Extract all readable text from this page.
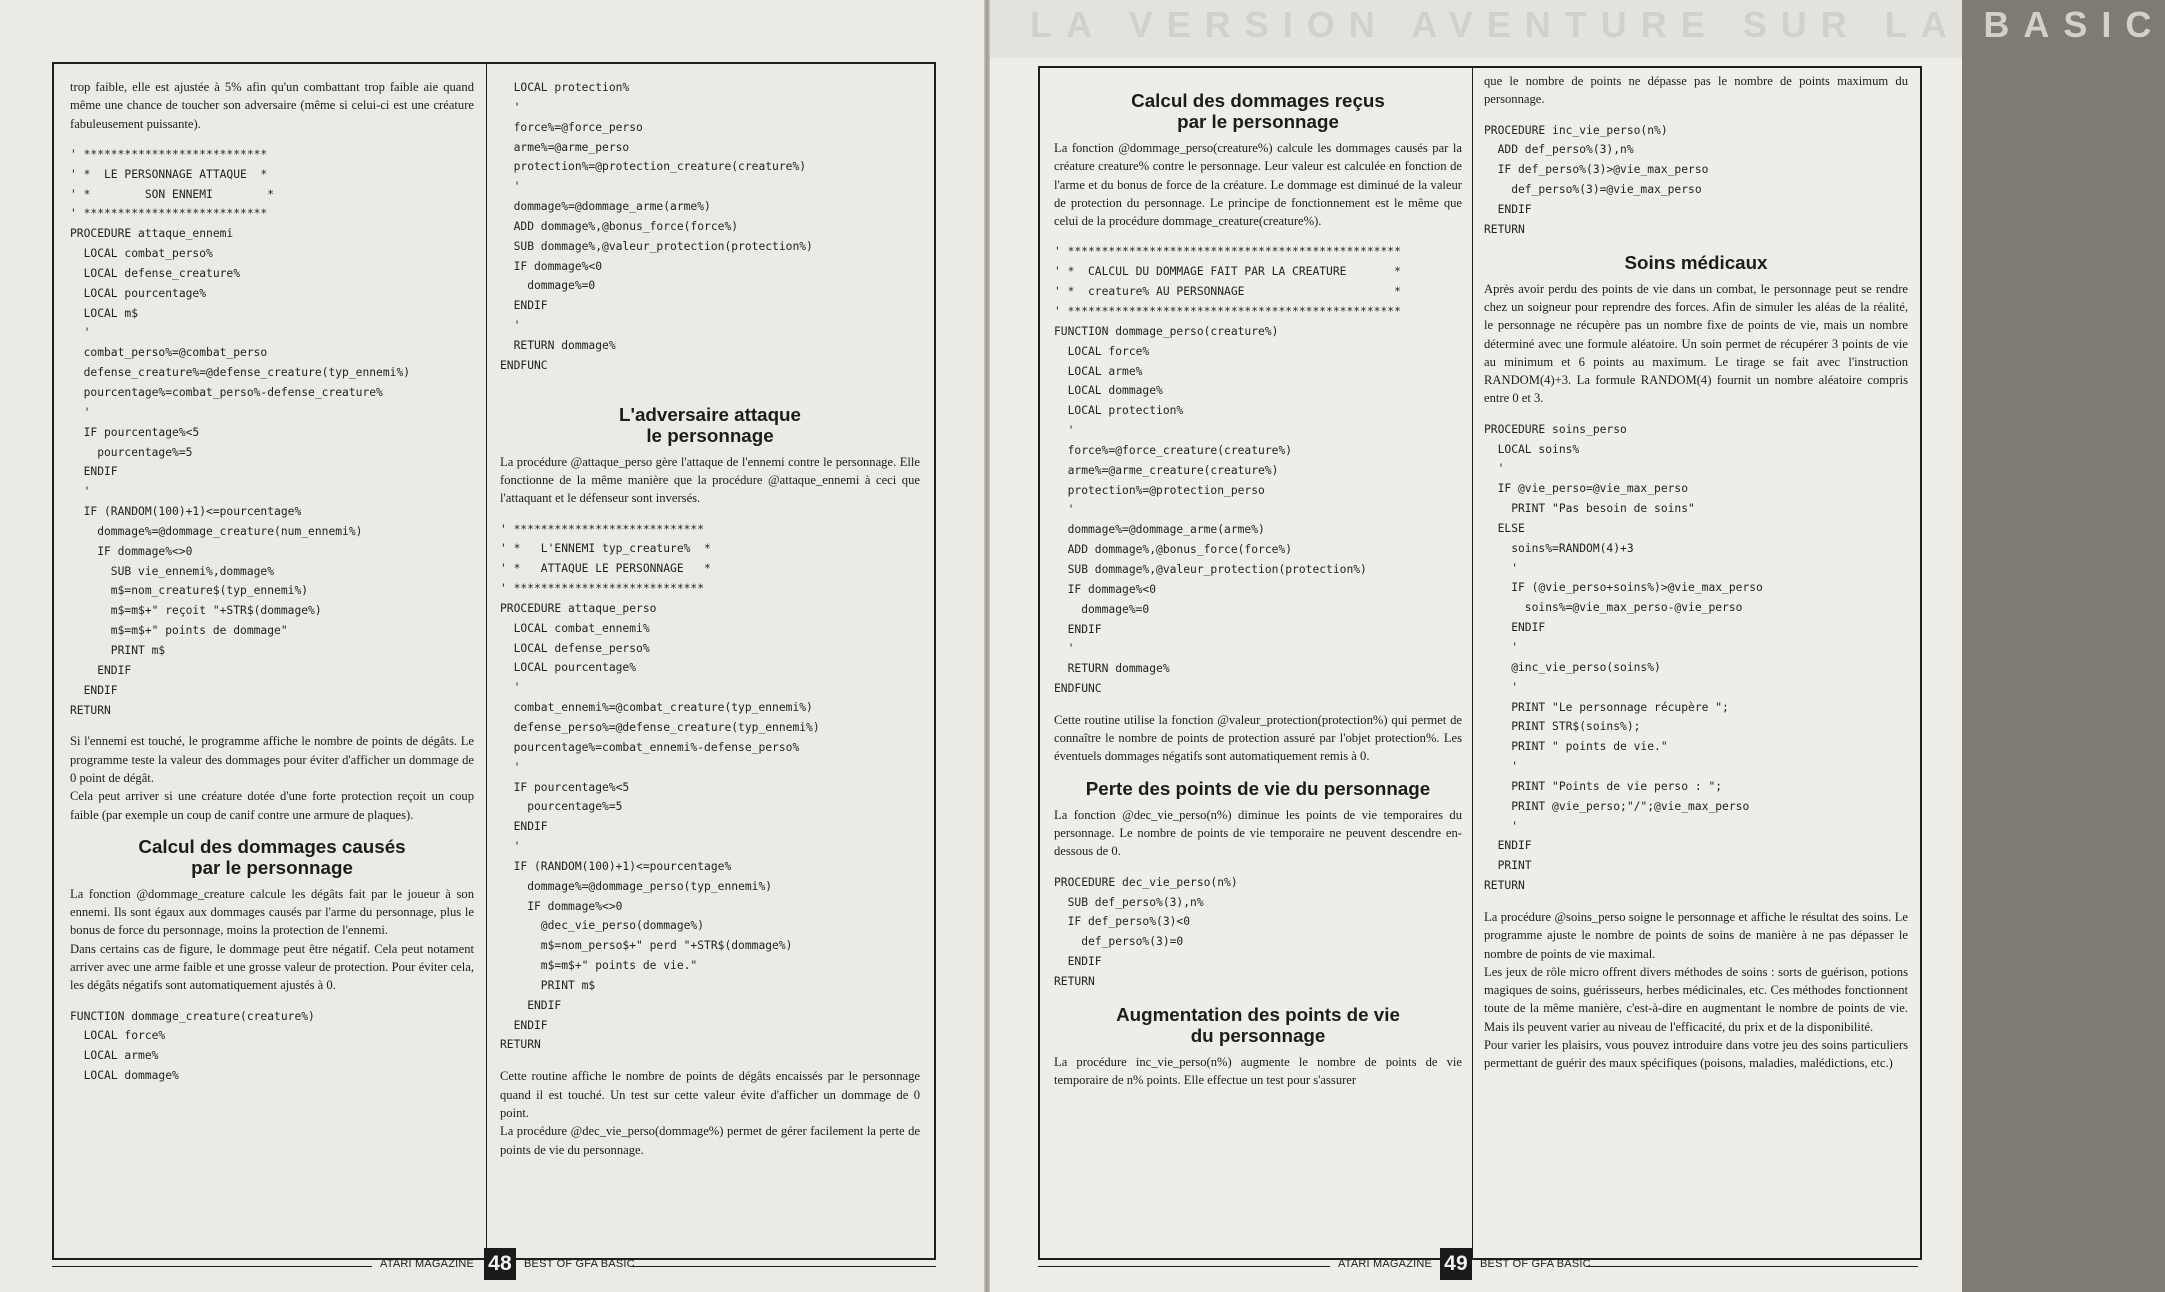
trop faible, elle est ajustée à 5% afin qu'un combattant trop faible aie quand même une chance de toucher son adversaire (même si celui-ci est une créature fabuleusement puissante).

' ***************************
' *  LE PERSONNAGE ATTAQUE  *
' *        SON ENNEMI        *
' ***************************
PROCEDURE attaque_ennemi
LOCAL combat_perso%
LOCAL defense_creature%
LOCAL pourcentage%
LOCAL m$
'
combat_perso%=@combat_perso
defense_creature%=@defense_creature(typ_ennemi%)
pourcentage%=combat_perso%-defense_creature%
'
IF pourcentage%<5
pourcentage%=5
ENDIF
'
IF (RANDOM(100)+1)<=pourcentage%
dommage%=@dommage_creature(num_ennemi%)
IF dommage%<>0
SUB vie_ennemi%,dommage%
m$=nom_creature$(typ_ennemi%)
m$=m$+" reçoit "+STR$(dommage%)
m$=m$+" points de dommage"
PRINT m$
ENDIF
ENDIF
RETURN

Si l'ennemi est touché, le programme affiche le nombre de points de dégâts. Le programme teste la valeur des dommages pour éviter d'afficher un dommage de 0 point de dégât.

Cela peut arriver si une créature dotée d'une forte protection reçoit un coup faible (par exemple un coup de canif contre une armure de plaques).

Calcul des dommages causés
par le personnage

La fonction @dommage_creature calcule les dégâts fait par le joueur à son ennemi. Ils sont égaux aux dommages causés par l'arme du personnage, plus le bonus de force du personnage, moins la protection de l'ennemi.

Dans certains cas de figure, le dommage peut être négatif. Cela peut notament arriver avec une arme faible et une grosse valeur de protection. Pour éviter cela, les dégâts négatifs sont automatiquement ajustés à 0.

FUNCTION dommage_creature(creature%)
LOCAL force%
LOCAL arme%
LOCAL dommage%
LOCAL protection%
'
force%=@force_perso
arme%=@arme_perso
protection%=@protection_creature(creature%)
'
dommage%=@dommage_arme(arme%)
ADD dommage%,@bonus_force(force%)
SUB dommage%,@valeur_protection(protection%)
IF dommage%<0
dommage%=0
ENDIF
'
RETURN dommage%
ENDFUNC
L'adversaire attaque
le personnage

La procédure @attaque_perso gère l'attaque de l'ennemi contre le personnage. Elle fonctionne de la même manière que la procédure @attaque_ennemi à ceci que l'attaquant et le défenseur sont inversés.

' ****************************
' *   L'ENNEMI typ_creature%  *
' *   ATTAQUE LE PERSONNAGE   *
' ****************************
PROCEDURE attaque_perso
LOCAL combat_ennemi%
LOCAL defense_perso%
LOCAL pourcentage%
'
combat_ennemi%=@combat_creature(typ_ennemi%)
defense_perso%=@defense_creature(typ_ennemi%)
pourcentage%=combat_ennemi%-defense_perso%
'
IF pourcentage%<5
pourcentage%=5
ENDIF
'
IF (RANDOM(100)+1)<=pourcentage%
dommage%=@dommage_perso(typ_ennemi%)
IF dommage%<>0
@dec_vie_perso(dommage%)
m$=nom_perso$+" perd "+STR$(dommage%)
m$=m$+" points de vie."
PRINT m$
ENDIF
ENDIF
RETURN

Cette routine affiche le nombre de points de dégâts encaissés par le personnage quand il est touché. Un test sur cette valeur évite d'afficher un dommage de 0 point.

La procédure @dec_vie_perso(dommage%) permet de gérer facilement la perte de points de vie du personnage.

ATARI MAGAZINE 48	BEST OF GFA BASIC
LA VERSION AVENTURE SUR LA BASIC
Calcul des dommages reçus
par le personnage

La fonction @dommage_perso(creature%) calcule les dommages causés par la créature creature% contre le personnage. Leur valeur est calculée en fonction de l'arme et du bonus de force de la créature. Le dommage est diminué de la valeur de protection du personnage. Le principe de fonctionnement est le même que celui de la procédure dommage_creature(creature%).

' *************************************************
' *  CALCUL DU DOMMAGE FAIT PAR LA CREATURE       *
' *  creature% AU PERSONNAGE                      *
' *************************************************
FUNCTION dommage_perso(creature%)
LOCAL force%
LOCAL arme%
LOCAL dommage%
LOCAL protection%
'
force%=@force_creature(creature%)
arme%=@arme_creature(creature%)
protection%=@protection_perso
'
dommage%=@dommage_arme(arme%)
ADD dommage%,@bonus_force(force%)
SUB dommage%,@valeur_protection(protection%)
IF dommage%<0
dommage%=0
ENDIF
'
RETURN dommage%
ENDFUNC

Cette routine utilise la fonction @valeur_protection(protection%) qui permet de connaître le nombre de points de protection assuré par l'objet protection%. Les éventuels dommages négatifs sont automatiquement remis à 0.

Perte des points de vie du personnage

La fonction @dec_vie_perso(n%) diminue les points de vie temporaires du personnage. Le nombre de points de vie temporaire ne peuvent descendre en-dessous de 0.

PROCEDURE dec_vie_perso(n%)
SUB def_perso%(3),n%
IF def_perso%(3)<0
def_perso%(3)=0
ENDIF
RETURN
Augmentation des points de vie
du personnage

La procédure inc_vie_perso(n%) augmente le nombre de points de vie temporaire de n% points. Elle effectue un test pour s'assurer

que le nombre de points ne dépasse pas le nombre de points maximum du personnage.

PROCEDURE inc_vie_perso(n%)
ADD def_perso%(3),n%
IF def_perso%(3)>@vie_max_perso
def_perso%(3)=@vie_max_perso
ENDIF
RETURN
Soins médicaux

Après avoir perdu des points de vie dans un combat, le personnage peut se rendre chez un soigneur pour reprendre des forces. Afin de simuler les aléas de la réalité, le personnage ne récupère pas un nombre fixe de points de vie, mais un nombre déterminé avec une formule aléatoire. Un soin permet de récupérer 3 points de vie au minimum et 6 points au maximum. Le tirage se fait avec l'instruction RANDOM(4)+3. La formule RANDOM(4) fournit un nombre aléatoire compris entre 0 et 3.

PROCEDURE soins_perso
LOCAL soins%
'
IF @vie_perso=@vie_max_perso
PRINT "Pas besoin de soins"
ELSE
soins%=RANDOM(4)+3
'
IF (@vie_perso+soins%)>@vie_max_perso
soins%=@vie_max_perso-@vie_perso
ENDIF
'
@inc_vie_perso(soins%)
'
PRINT "Le personnage récupère ";
PRINT STR$(soins%);
PRINT " points de vie."
'
PRINT "Points de vie perso : ";
PRINT @vie_perso;"/";@vie_max_perso
'
ENDIF
PRINT
RETURN

La procédure @soins_perso soigne le personnage et affiche le résultat des soins. Le programme ajuste le nombre de points de soins de manière à ne pas dépasser le nombre de points de vie maximal.

Les jeux de rôle micro offrent divers méthodes de soins : sorts de guérison, potions magiques de soins, guérisseurs, herbes médicinales, etc. Ces méthodes fonctionnent toute de la même manière, c'est-à-dire en augmentant le nombre de points de vie. Mais ils peuvent varier au niveau de l'efficacité, du prix et de la disponibilité.

Pour varier les plaisirs, vous pouvez introduire dans votre jeu des soins particuliers permettant de guérir des maux spécifiques (poisons, maladies, malédictions, etc.)

ATARI MAGAZINE 49	BEST OF GFA BASIC
